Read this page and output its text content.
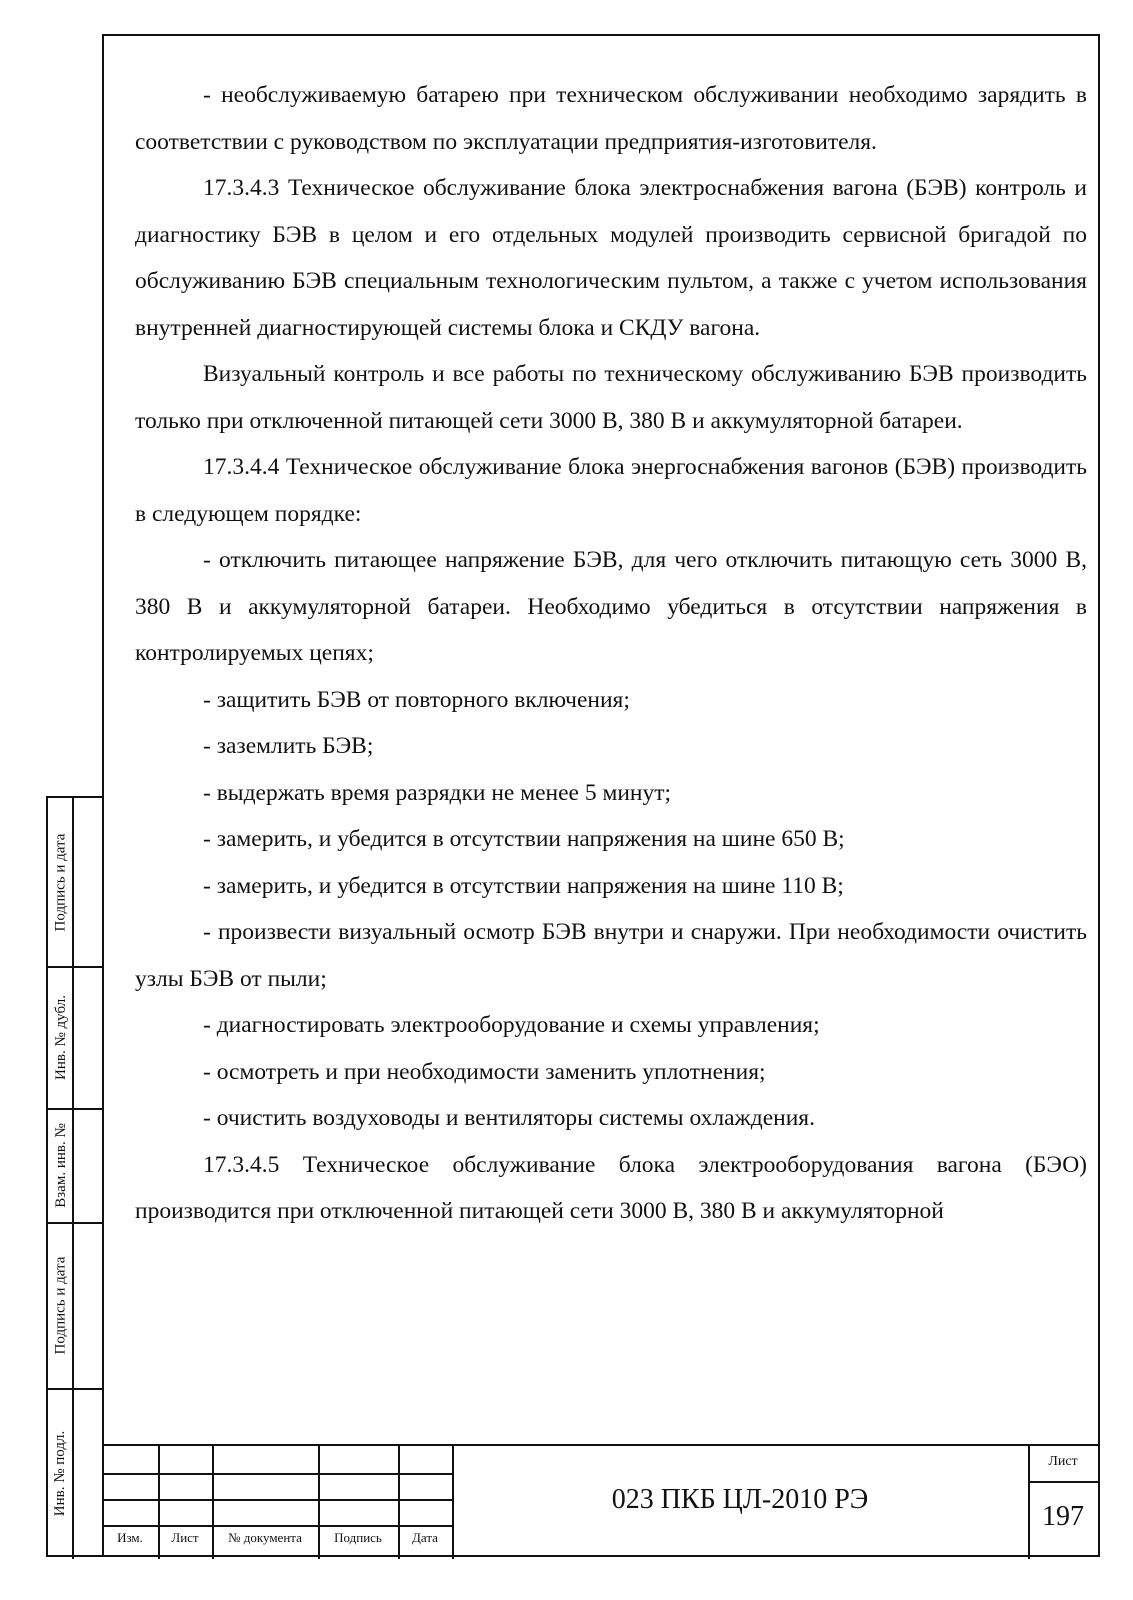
- необслуживаемую батарею при техническом обслуживании необходимо зарядить в соответствии с руководством по эксплуатации предприятия-изготовителя.

17.3.4.3 Техническое обслуживание блока электроснабжения вагона (БЭВ) контроль и диагностику БЭВ в целом и его отдельных модулей производить сервисной бригадой по обслуживанию БЭВ специальным технологическим пультом, а также с учетом использования внутренней диагностирующей системы блока и СКДУ вагона.

Визуальный контроль и все работы по техническому обслуживанию БЭВ производить только при отключенной питающей сети 3000 В, 380 В и аккумуляторной батареи.

17.3.4.4 Техническое обслуживание блока энергоснабжения вагонов (БЭВ) производить в следующем порядке:

- отключить питающее напряжение БЭВ, для чего отключить питающую сеть 3000 В, 380 В и аккумуляторной батареи. Необходимо убедиться в отсутствии напряжения в контролируемых цепях;

- защитить БЭВ от повторного включения;

- заземлить БЭВ;

- выдержать время разрядки не менее 5 минут;

- замерить, и убедится в отсутствии напряжения на шине 650 В;

- замерить, и убедится в отсутствии напряжения на шине 110 В;

- произвести визуальный осмотр БЭВ внутри и снаружи. При необходимости очистить узлы БЭВ от пыли;

- диагностировать электрооборудование и схемы управления;

- осмотреть и при необходимости заменить уплотнения;

- очистить воздуховоды и вентиляторы системы охлаждения.

17.3.4.5 Техническое обслуживание блока электрооборудования вагона (БЭО) производится при отключенной питающей сети 3000 В, 380 В и аккумуляторной

Подпись и дата
Инв. № дубл.
Взам. инв. №
Подпись и дата
Инв. № подл.
Изм.	Лист	№ документа	Подпись	Дата
023 ПКБ ЦЛ-2010 РЭ
Лист
197
